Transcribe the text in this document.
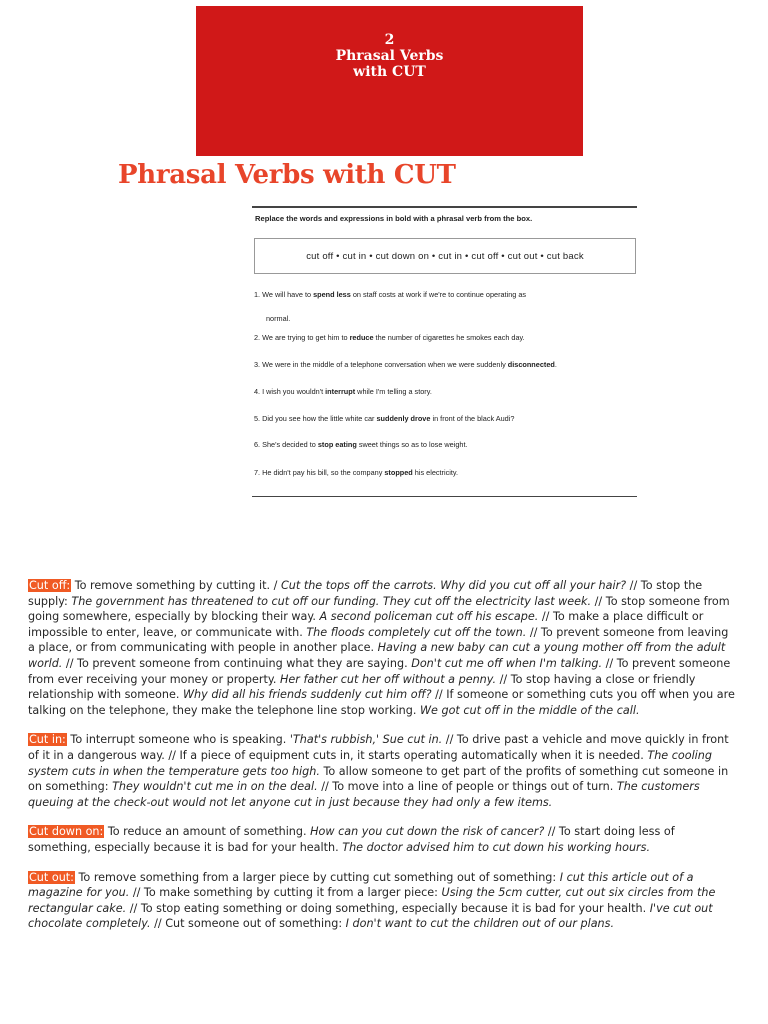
2
Phrasal Verbs
with CUT
Phrasal Verbs with CUT
Replace the words and expressions in bold with a phrasal verb from the box.
cut off • cut in • cut down on • cut in • cut off • cut out • cut back
1. We will have to spend less on staff costs at work if we're to continue operating as
normal.
2. We are trying to get him to reduce the number of cigarettes he smokes each day.
3. We were in the middle of a telephone conversation when we were suddenly disconnected.
4. I wish you wouldn't interrupt while I'm telling a story.
5. Did you see how the little white car suddenly drove in front of the black Audi?
6. She's decided to stop eating sweet things so as to lose weight.
7. He didn't pay his bill, so the company stopped his electricity.

Cut off: To remove something by cutting it. / Cut the tops off the carrots. Why did you cut off all your hair? // To stop the supply: The government has threatened to cut off our funding. They cut off the electricity last week. // To stop someone from going somewhere, especially by blocking their way. A second policeman cut off his escape. // To make a place difficult or impossible to enter, leave, or communicate with. The floods completely cut off the town. // To prevent someone from leaving a place, or from communicating with people in another place. Having a new baby can cut a young mother off from the adult world. // To prevent someone from continuing what they are saying. Don't cut me off when I'm talking. // To prevent someone from ever receiving your money or property. Her father cut her off without a penny. // To stop having a close or friendly relationship with someone. Why did all his friends suddenly cut him off? // If someone or something cuts you off when you are talking on the telephone, they make the telephone line stop working. We got cut off in the middle of the call.

Cut in: To interrupt someone who is speaking. 'That's rubbish,' Sue cut in. // To drive past a vehicle and move quickly in front of it in a dangerous way. // If a piece of equipment cuts in, it starts operating automatically when it is needed. The cooling system cuts in when the temperature gets too high. To allow someone to get part of the profits of something cut someone in on something: They wouldn't cut me in on the deal. // To move into a line of people or things out of turn. The customers queuing at the check-out would not let anyone cut in just because they had only a few items.

Cut down on: To reduce an amount of something. How can you cut down the risk of cancer? // To start doing less of something, especially because it is bad for your health. The doctor advised him to cut down his working hours.

Cut out: To remove something from a larger piece by cutting cut something out of something: I cut this article out of a magazine for you. // To make something by cutting it from a larger piece: Using the 5cm cutter, cut out six circles from the rectangular cake. // To stop eating something or doing something, especially because it is bad for your health. I've cut out chocolate completely. // Cut someone out of something: I don't want to cut the children out of our plans.
